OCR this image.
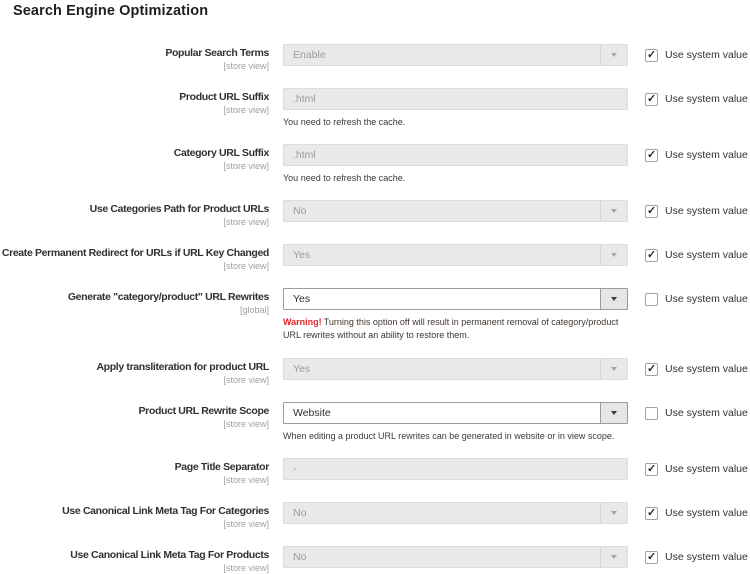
Search Engine Optimization
Popular Search Terms
[store view]
Enable	Use system value
Product URL Suffix
[store view]
.html
You need to refresh the cache.
Use system value
Category URL Suffix
[store view]
.html
You need to refresh the cache.
Use system value
Use Categories Path for Product URLs
[store view]
No	Use system value
Create Permanent Redirect for URLs if URL Key Changed
[store view]
Yes	Use system value
Generate "category/product" URL Rewrites
[global]
Yes
Warning! Turning this option off will result in permanent removal of category/product URL rewrites without an ability to restore them.
Use system value
Apply transliteration for product URL
[store view]
Yes	Use system value
Product URL Rewrite Scope
[store view]
Website
When editing a product URL rewrites can be generated in website or in view scope.
Use system value
Page Title Separator
[store view]
-	Use system value
Use Canonical Link Meta Tag For Categories
[store view]
No	Use system value
Use Canonical Link Meta Tag For Products
[store view]
No	Use system value
